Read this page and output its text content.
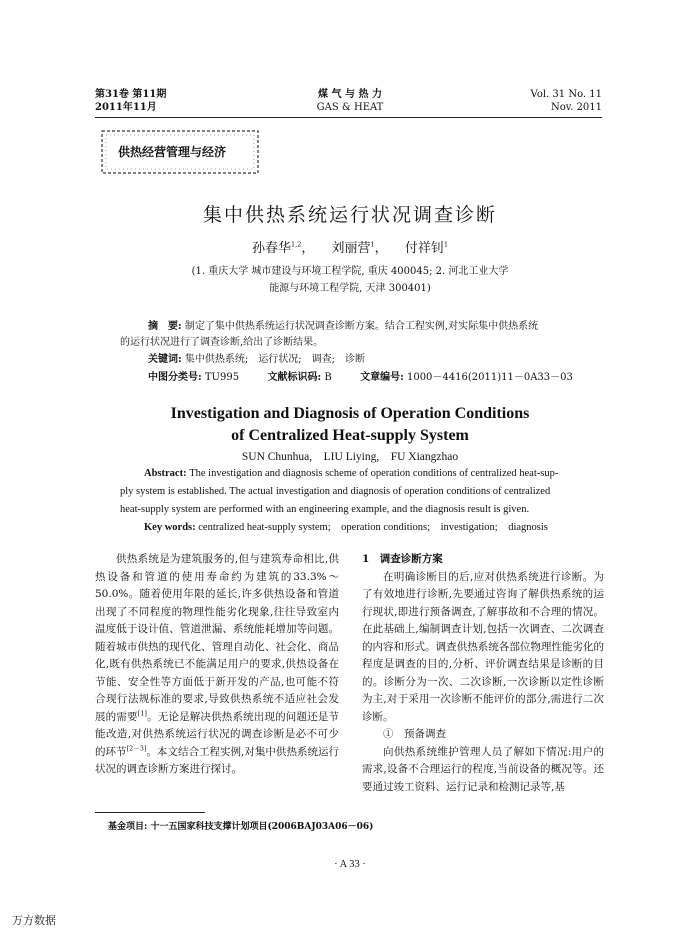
第31卷 第11期
2011年11月
煤 气 与 热 力
GAS & HEAT
Vol. 31 No. 11
Nov. 2011
供热经营管理与经济
集中供热系统运行状况调查诊断
孙春华$^{1,2}$，   刘丽营$^1$，   付祥钊$^1$
(1. 重庆大学 城市建设与环境工程学院, 重庆 400045; 2. 河北工业大学
能源与环境工程学院, 天津 300401)
摘　要: 制定了集中供热系统运行状况调查诊断方案。结合工程实例,对实际集中供热系统
的运行状况进行了调查诊断,给出了诊断结果。
关键词: 集中供热系统;　运行状况;　调查;　诊断
中图分类号: TU995	文献标识码: B	文章编号: 1000－4416(2011)11－0A33－03
Investigation and Diagnosis of Operation Conditions
of Centralized Heat-supply System
SUN Chunhua,　LIU Liying,　FU Xiangzhao
Abstract: The investigation and diagnosis scheme of operation conditions of centralized heat-sup-
ply system is established. The actual investigation and diagnosis of operation conditions of centralized
heat-supply system are performed with an engineering example, and the diagnosis result is given.
Key words: centralized heat-supply system;　operation conditions;　investigation;　diagnosis

供热系统是为建筑服务的,但与建筑寿命相比,供热设备和管道的使用寿命约为建筑的33.3%～50.0%。随着使用年限的延长,许多供热设备和管道出现了不同程度的物理性能劣化现象,往往导致室内温度低于设计值、管道泄漏、系统能耗增加等问题。随着城市供热的现代化、管理自动化、社会化、商品化,既有供热系统已不能满足用户的要求,供热设备在节能、安全性等方面低于新开发的产品,也可能不符合现行法规标准的要求,导致供热系统不适应社会发展的需要[1]。无论是解决供热系统出现的问题还是节能改造,对供热系统运行状况的调查诊断是必不可少的环节[2－3]。本文结合工程实例,对集中供热系统运行状况的调查诊断方案进行探讨。

1　调查诊断方案

在明确诊断目的后,应对供热系统进行诊断。为了有效地进行诊断,先要通过咨询了解供热系统的运行现状,即进行预备调查,了解事故和不合理的情况。在此基础上,编制调查计划,包括一次调查、二次调查的内容和形式。调查供热系统各部位物理性能劣化的程度是调查的目的,分析、评价调查结果是诊断的目的。诊断分为一次、二次诊断,一次诊断以定性诊断为主,对于采用一次诊断不能评价的部分,需进行二次诊断。

①　预备调查

向供热系统维护管理人员了解如下情况:用户的需求,设备不合理运行的程度,当前设备的概况等。还要通过竣工资料、运行记录和检测记录等,基

基金项目: 十一五国家科技支撑计划项目(2006BAJ03A06－06)
· A 33 ·
万方数据
